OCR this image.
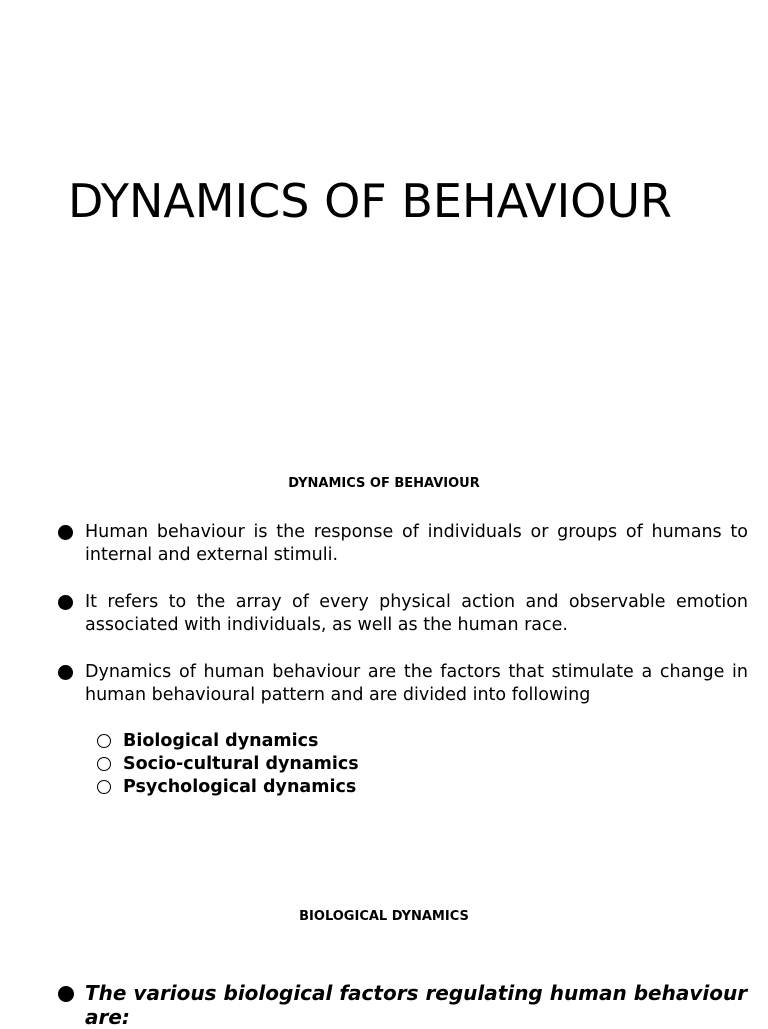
DYNAMICS OF BEHAVIOUR
DYNAMICS OF BEHAVIOUR
Human behaviour is the response of individuals or groups of humans to internal and external stimuli.
It refers to the array of every physical action and observable emotion associated with individuals, as well as the human race.
Dynamics of human behaviour are the factors that stimulate a change in human behavioural pattern and are divided into following
Biological dynamics
Socio-cultural dynamics
Psychological dynamics
BIOLOGICAL DYNAMICS
The various biological factors regulating human behaviour are:
